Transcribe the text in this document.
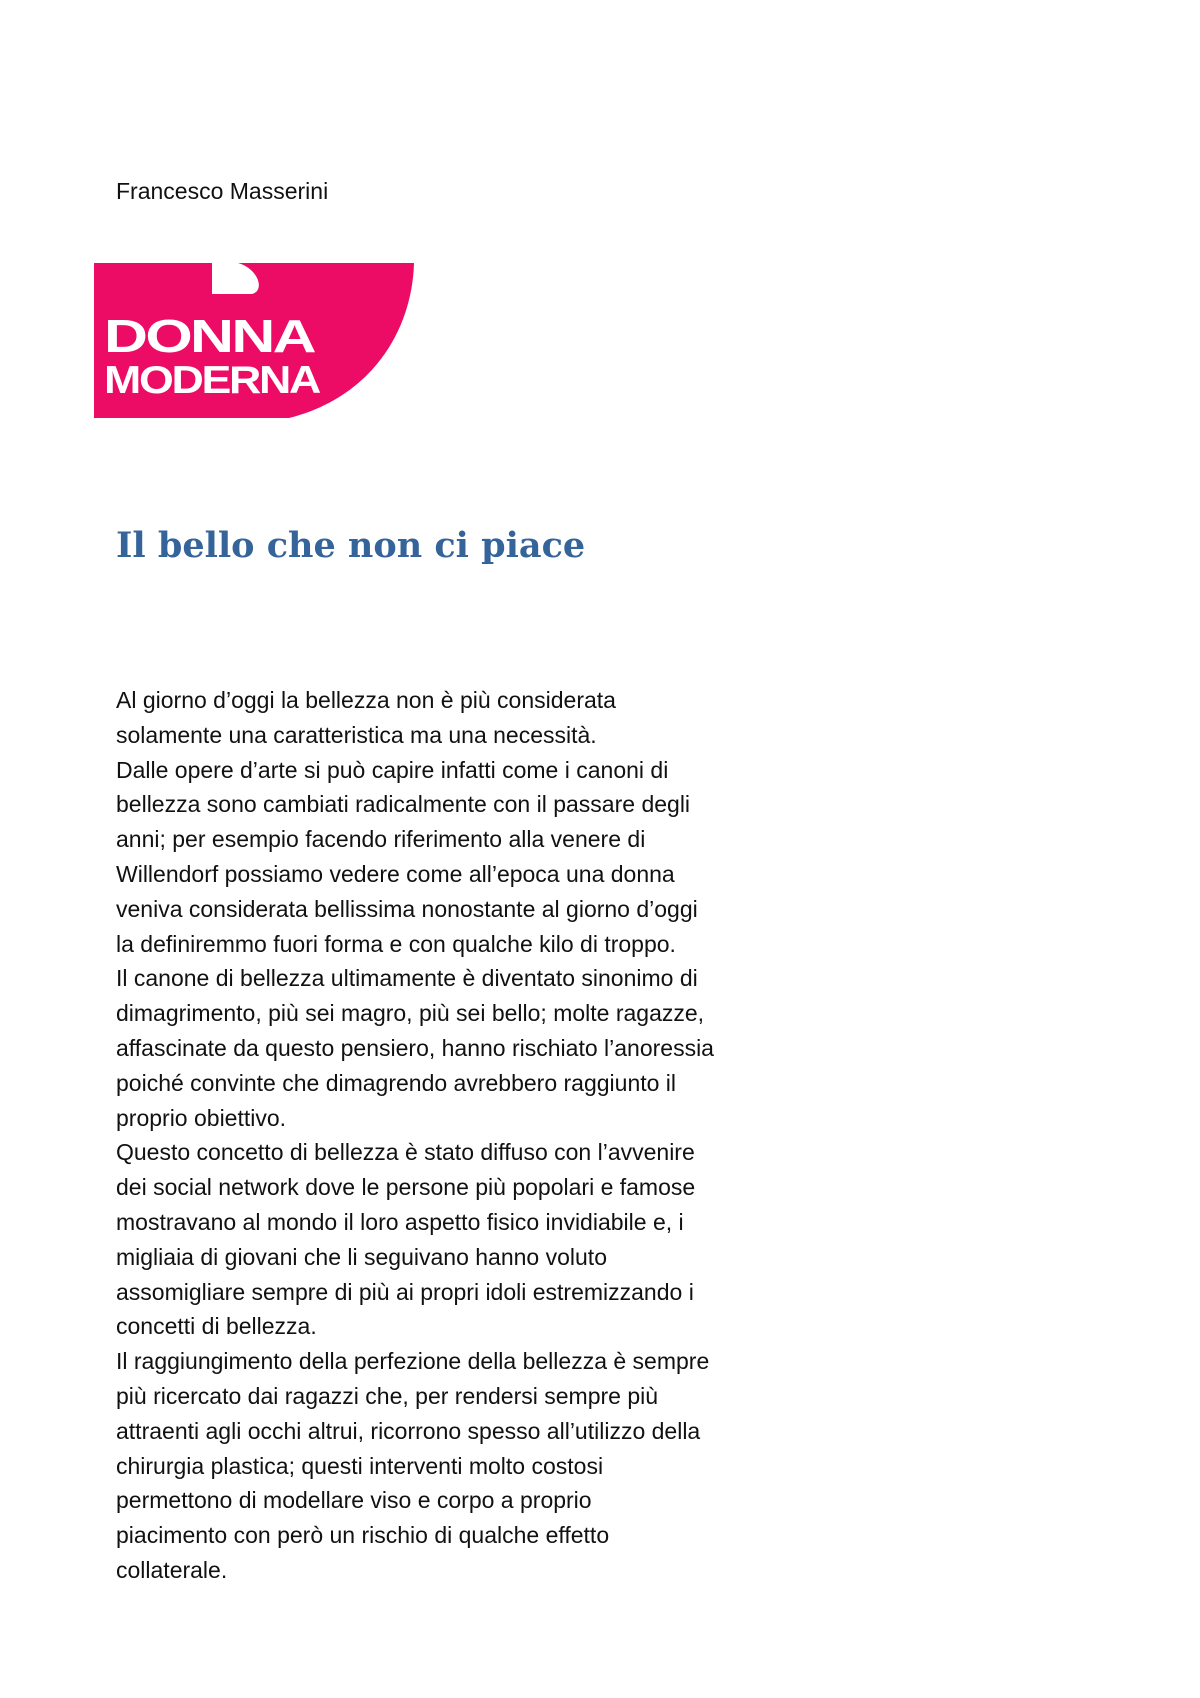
Francesco Masserini
DONNA
MODERNA
Il bello che non ci piace
Al giorno d’oggi la bellezza non è più considerata
solamente una caratteristica ma una necessità.
Dalle opere d’arte si può capire infatti come i canoni di
bellezza sono cambiati radicalmente con il passare degli
anni; per esempio facendo riferimento alla venere di
Willendorf possiamo vedere come all’epoca una donna
veniva considerata bellissima nonostante al giorno d’oggi
la definiremmo fuori forma e con qualche kilo di troppo.
Il canone di bellezza ultimamente è diventato sinonimo di
dimagrimento, più sei magro, più sei bello; molte ragazze,
affascinate da questo pensiero, hanno rischiato l’anoressia
poiché convinte che dimagrendo avrebbero raggiunto il
proprio obiettivo.
Questo concetto di bellezza è stato diffuso con l’avvenire
dei social network dove le persone più popolari e famose
mostravano al mondo il loro aspetto fisico invidiabile e, i
migliaia di giovani che li seguivano hanno voluto
assomigliare sempre di più ai propri idoli estremizzando i
concetti di bellezza.
Il raggiungimento della perfezione della bellezza è sempre
più ricercato dai ragazzi che, per rendersi sempre più
attraenti agli occhi altrui, ricorrono spesso all’utilizzo della
chirurgia plastica; questi interventi molto costosi
permettono di modellare viso e corpo a proprio
piacimento con però un rischio di qualche effetto
collaterale.
